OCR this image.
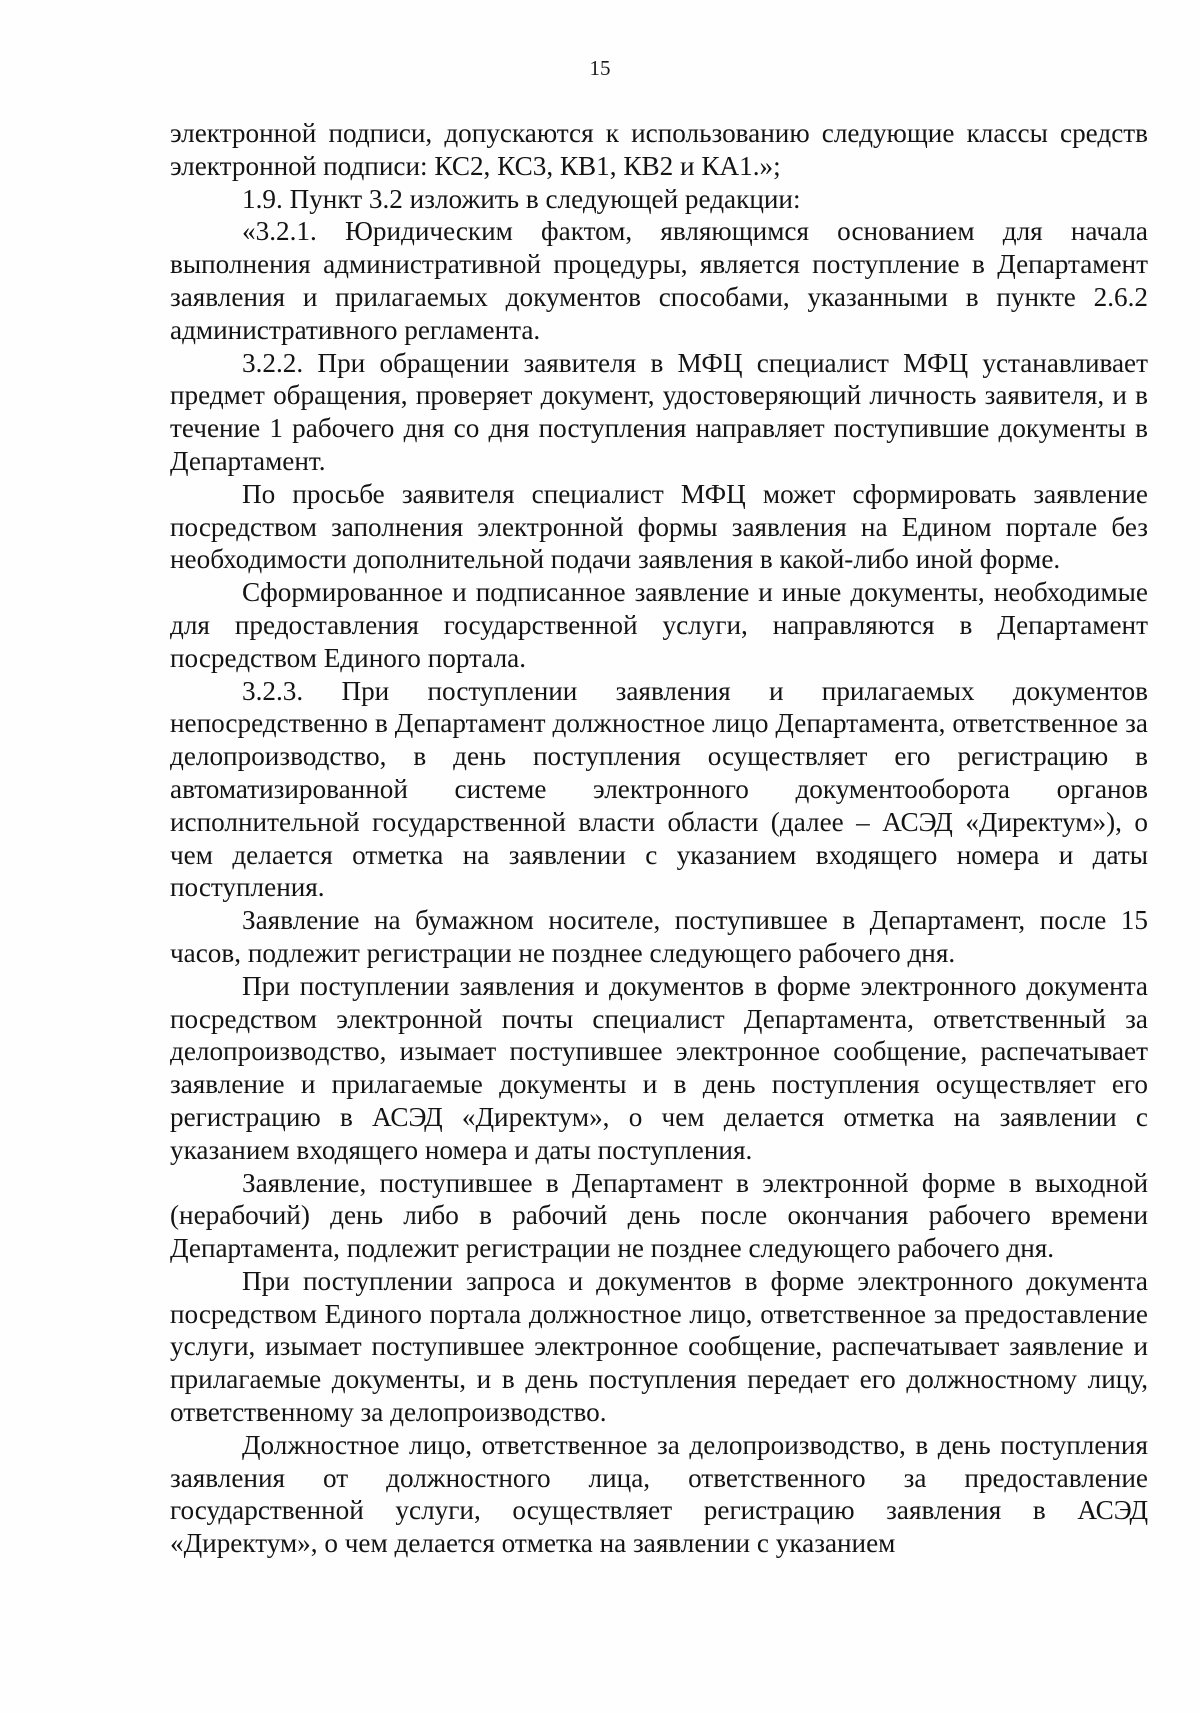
15

электронной подписи, допускаются к использованию следующие классы средств электронной подписи: КС2, КС3, КВ1, КВ2 и КА1.»;

1.9. Пункт 3.2 изложить в следующей редакции:

«3.2.1. Юридическим фактом, являющимся основанием для начала выполнения административной процедуры, является поступление в Департамент заявления и прилагаемых документов способами, указанными в пункте 2.6.2 административного регламента.

3.2.2. При обращении заявителя в МФЦ специалист МФЦ устанавливает предмет обращения, проверяет документ, удостоверяющий личность заявителя, и в течение 1 рабочего дня со дня поступления направляет поступившие документы в Департамент.

По просьбе заявителя специалист МФЦ может сформировать заявление посредством заполнения электронной формы заявления на Едином портале без необходимости дополнительной подачи заявления в какой-либо иной форме.

Сформированное и подписанное заявление и иные документы, необходимые для предоставления государственной услуги, направляются в Департамент посредством Единого портала.

3.2.3. При поступлении заявления и прилагаемых документов непосредственно в Департамент должностное лицо Департамента, ответственное за делопроизводство, в день поступления осуществляет его регистрацию в автоматизированной системе электронного документооборота органов исполнительной государственной власти области (далее – АСЭД «Директум»), о чем делается отметка на заявлении с указанием входящего номера и даты поступления.

Заявление на бумажном носителе, поступившее в Департамент, после 15 часов, подлежит регистрации не позднее следующего рабочего дня.

При поступлении заявления и документов в форме электронного документа посредством электронной почты специалист Департамента, ответственный за делопроизводство, изымает поступившее электронное сообщение, распечатывает заявление и прилагаемые документы и в день поступления осуществляет его регистрацию в АСЭД «Директум», о чем делается отметка на заявлении с указанием входящего номера и даты поступления.

Заявление, поступившее в Департамент в электронной форме в выходной (нерабочий) день либо в рабочий день после окончания рабочего времени Департамента, подлежит регистрации не позднее следующего рабочего дня.

При поступлении запроса и документов в форме электронного документа посредством Единого портала должностное лицо, ответственное за предоставление услуги, изымает поступившее электронное сообщение, распечатывает заявление и прилагаемые документы, и в день поступления передает его должностному лицу, ответственному за делопроизводство.

Должностное лицо, ответственное за делопроизводство, в день поступления заявления от должностного лица, ответственного за предоставление государственной услуги, осуществляет регистрацию заявления в АСЭД «Директум», о чем делается отметка на заявлении с указанием
